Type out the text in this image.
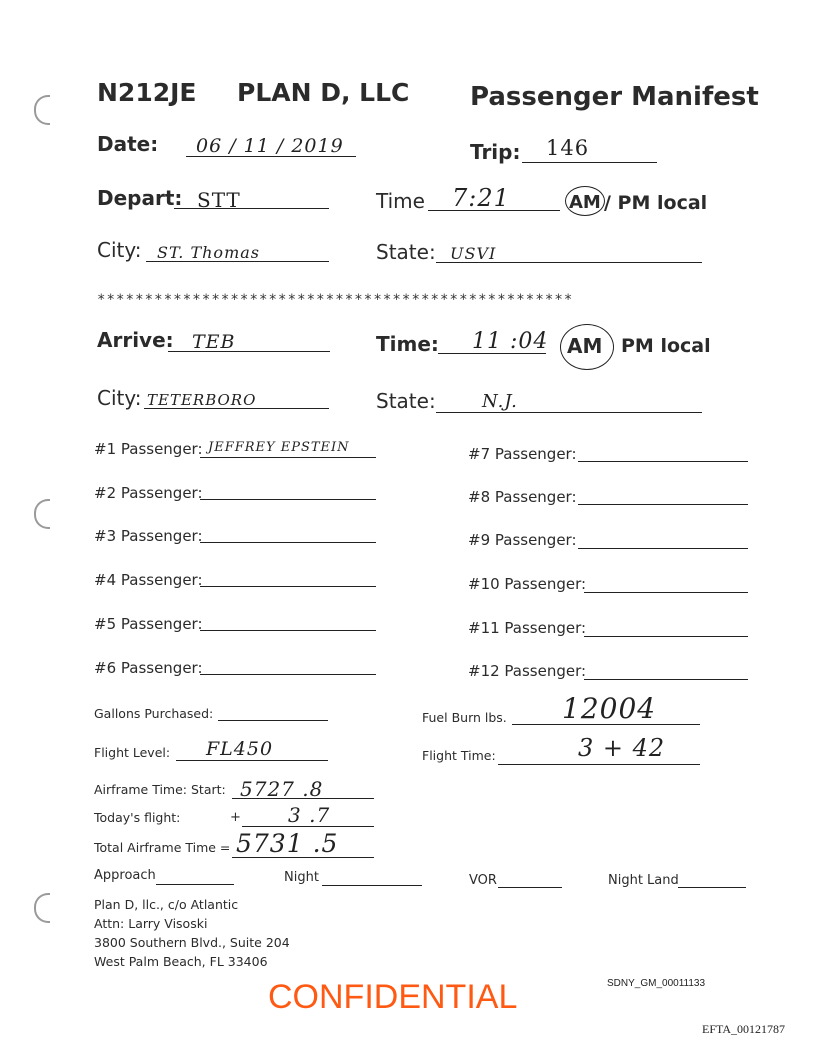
N212JE PLAN D, LLC Passenger Manifest
Date: 06 / 11 / 2019	Trip: 146
Depart: STT	Time 7:21	AM / PM local
City: ST. Thomas	State: USVI
**************************************************
Arrive: TEB	Time: 11 :04 AM PM local
City: TETERBORO	State:	N.J.
#1 Passenger: JEFFREY EPSTEIN
#2 Passenger:
#3 Passenger:
#4 Passenger:
#5 Passenger:
#6 Passenger:
#7 Passenger:
#8 Passenger:
#9 Passenger:
#10 Passenger:
#11 Passenger:
#12 Passenger:
Gallons Purchased:	Fuel Burn lbs. 12004
Flight Level: FL450	Flight Time:	3 + 42
Airframe Time: Start: 5727 .8
Today's flight:	+ 3 .7
Total Airframe Time = 5731 .5
Approach	Night	VOR	Night Land
Plan D, llc., c/o Atlantic
Attn: Larry Visoski
3800 Southern Blvd., Suite 204
West Palm Beach, FL 33406
CONFIDENTIAL	SDNY_GM_00011133
EFTA_00121787
